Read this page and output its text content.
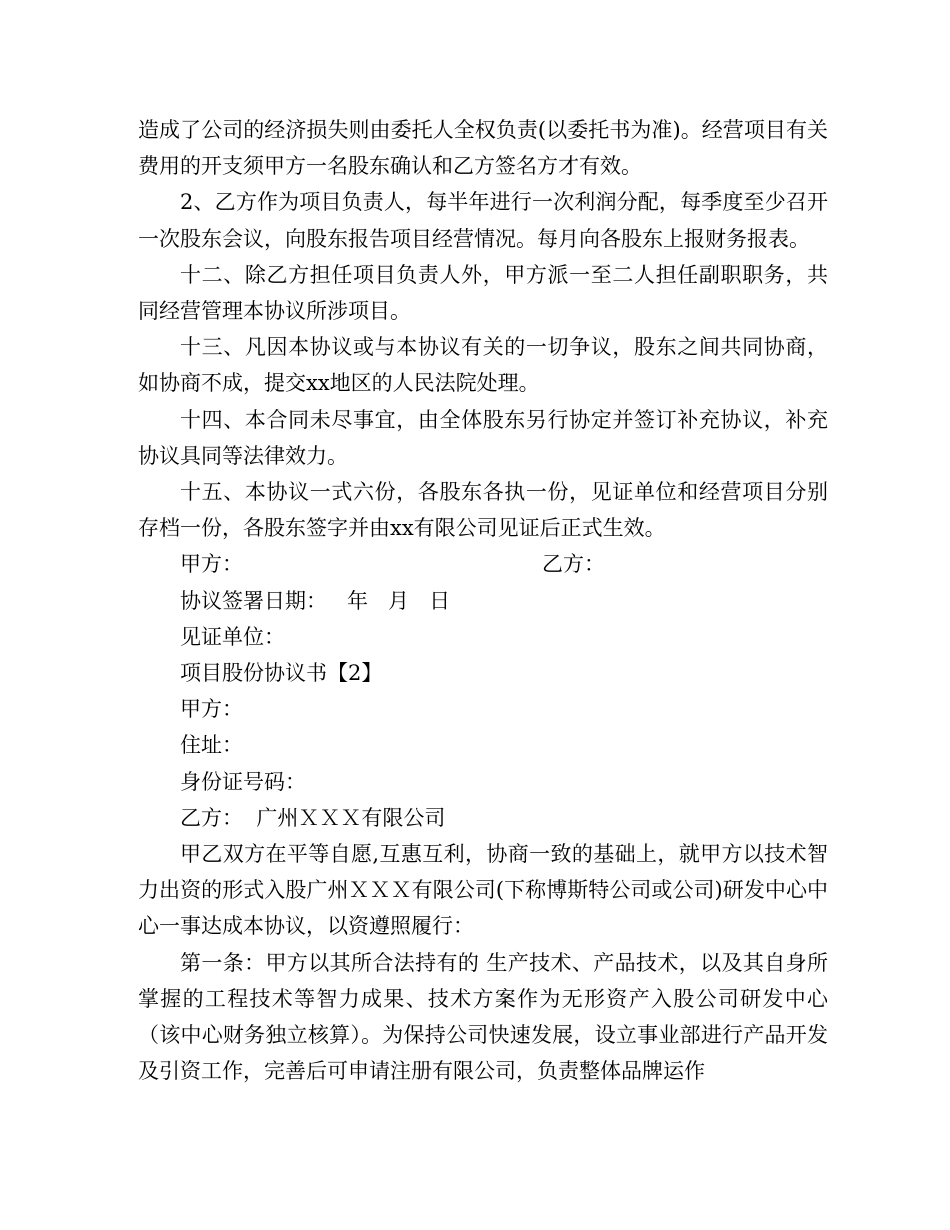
造成了公司的经济损失则由委托人全权负责(以委托书为准)。经营项目有关费用的开支须甲方一名股东确认和乙方签名方才有效。

2、乙方作为项目负责人，每半年进行一次利润分配，每季度至少召开一次股东会议，向股东报告项目经营情况。每月向各股东上报财务报表。

十二、除乙方担任项目负责人外，甲方派一至二人担任副职职务，共同经营管理本协议所涉项目。

十三、凡因本协议或与本协议有关的一切争议，股东之间共同协商，如协商不成，提交xx地区的人民法院处理。

十四、本合同未尽事宜，由全体股东另行协定并签订补充协议，补充协议具同等法律效力。

十五、本协议一式六份，各股东各执一份，见证单位和经营项目分别存档一份，各股东签字并由xx有限公司见证后正式生效。

甲方：	乙方：
协议签署日期：   年   月   日
见证单位：
项目股份协议书【2】
甲方：
住址：
身份证号码：
乙方：  广州ＸＸＸ有限公司

甲乙双方在平等自愿,互惠互利，协商一致的基础上，就甲方以技术智力出资的形式入股广州ＸＸＸ有限公司(下称博斯特公司或公司)研发中心中心一事达成本协议，以资遵照履行：

第一条：甲方以其所合法持有的 生产技术、产品技术，以及其自身所掌握的工程技术等智力成果、技术方案作为无形资产入股公司研发中心（该中心财务独立核算）。为保持公司快速发展，设立事业部进行产品开发及引资工作，完善后可申请注册有限公司，负责整体品牌运作
